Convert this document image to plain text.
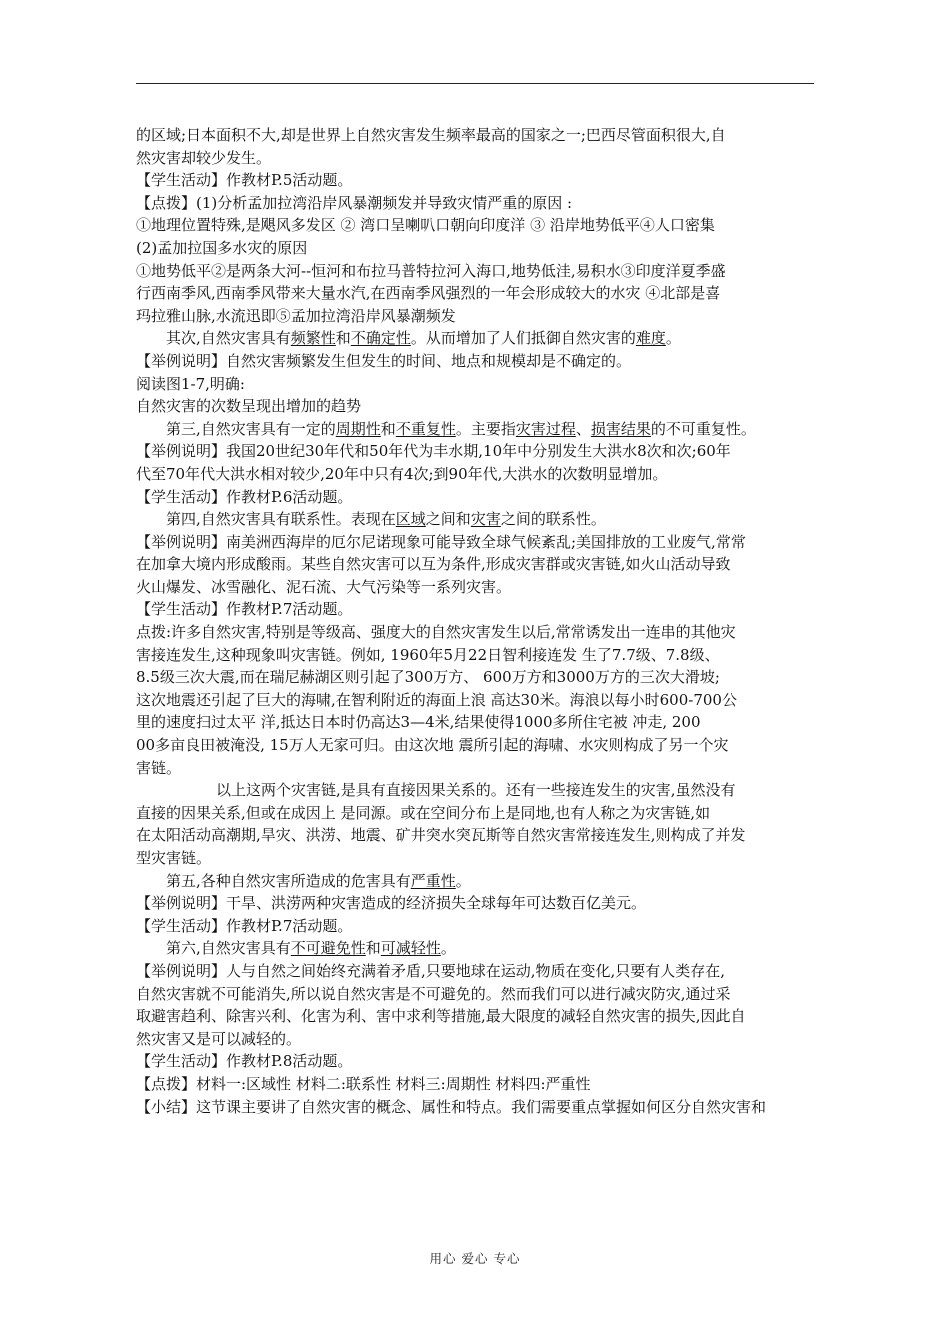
的区域;日本面积不大,却是世界上自然灾害发生频率最高的国家之一;巴西尽管面积很大,自
然灾害却较少发生。
【学生活动】作教材P.5活动题。
【点拨】(1)分析孟加拉湾沿岸风暴潮频发并导致灾情严重的原因 :
①地理位置特殊,是飓风多发区 ② 湾口呈喇叭口朝向印度洋 ③ 沿岸地势低平④人口密集
(2)孟加拉国多水灾的原因
①地势低平②是两条大河--恒河和布拉马普特拉河入海口,地势低洼,易积水③印度洋夏季盛
行西南季风,西南季风带来大量水汽,在西南季风强烈的一年会形成较大的水灾 ④北部是喜
玛拉雅山脉,水流迅即⑤孟加拉湾沿岸风暴潮频发
其次,自然灾害具有频繁性和不确定性。从而增加了人们抵御自然灾害的难度。
【举例说明】自然灾害频繁发生但发生的时间、地点和规模却是不确定的。
阅读图1-7,明确:
自然灾害的次数呈现出增加的趋势
第三,自然灾害具有一定的周期性和不重复性。主要指灾害过程、损害结果的不可重复性。
【举例说明】我国20世纪30年代和50年代为丰水期,10年中分别发生大洪水8次和次;60年
代至70年代大洪水相对较少,20年中只有4次;到90年代,大洪水的次数明显增加。
【学生活动】作教材P.6活动题。
第四,自然灾害具有联系性。表现在区域之间和灾害之间的联系性。
【举例说明】南美洲西海岸的厄尔尼诺现象可能导致全球气候紊乱;美国排放的工业废气,常常
在加拿大境内形成酸雨。某些自然灾害可以互为条件,形成灾害群或灾害链,如火山活动导致
火山爆发、冰雪融化、泥石流、大气污染等一系列灾害。
【学生活动】作教材P.7活动题。
点拨:许多自然灾害,特别是等级高、强度大的自然灾害发生以后,常常诱发出一连串的其他灾
害接连发生,这种现象叫灾害链。例如, 1960年5月22日智利接连发 生了7.7级、7.8级、
8.5级三次大震,而在瑞尼赫湖区则引起了300万方、 600万方和3000万方的三次大滑坡;
这次地震还引起了巨大的海啸,在智利附近的海面上浪 高达30米。海浪以每小时600-700公
里的速度扫过太平 洋,抵达日本时仍高达3—4米,结果使得1000多所住宅被 冲走, 200
00多亩良田被淹没, 15万人无家可归。由这次地 震所引起的海啸、水灾则构成了另一个灾
害链。
以上这两个灾害链,是具有直接因果关系的。还有一些接连发生的灾害,虽然没有
直接的因果关系,但或在成因上 是同源。或在空间分布上是同地,也有人称之为灾害链,如
在太阳活动高潮期,旱灾、洪涝、地震、矿井突水突瓦斯等自然灾害常接连发生,则构成了并发
型灾害链。
第五,各种自然灾害所造成的危害具有严重性。
【举例说明】干旱、洪涝两种灾害造成的经济损失全球每年可达数百亿美元。
【学生活动】作教材P.7活动题。
第六,自然灾害具有不可避免性和可减轻性。
【举例说明】人与自然之间始终充满着矛盾,只要地球在运动,物质在变化,只要有人类存在,
自然灾害就不可能消失,所以说自然灾害是不可避免的。然而我们可以进行减灾防灾,通过采
取避害趋利、除害兴利、化害为利、害中求利等措施,最大限度的减轻自然灾害的损失,因此自
然灾害又是可以减轻的。
【学生活动】作教材P.8活动题。
【点拨】材料一:区域性 材料二:联系性 材料三:周期性 材料四:严重性
【小结】这节课主要讲了自然灾害的概念、属性和特点。我们需要重点掌握如何区分自然灾害和
用心 爱心 专心
